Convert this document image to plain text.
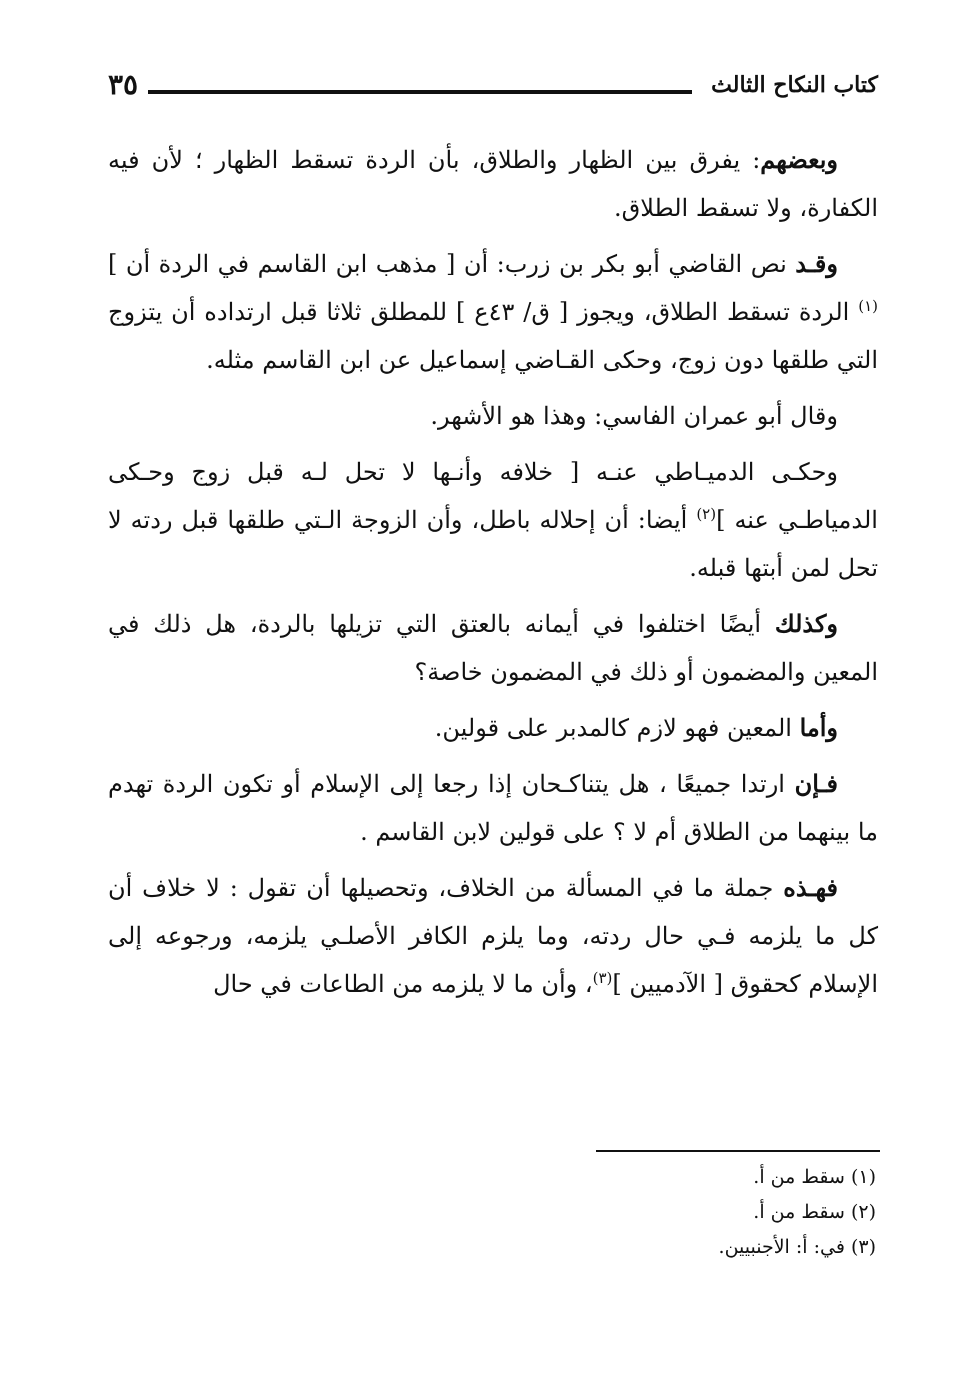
كتاب النكاح الثالث
٣٥

وبعضهم: يفرق بين الظهار والطلاق، بأن الردة تسقط الظهار ؛ لأن فيه الكفارة، ولا تسقط الطلاق.

وقـد نص القاضي أبو بكر بن زرب: أن [ مذهب ابن القاسم في الردة أن ]$^{(١)}$ الردة تسقط الطلاق، ويجوز [ ق/ ٤٣ع ] للمطلق ثلاثا قبل ارتداده أن يتزوج التي طلقها دون زوج، وحكى القـاضي إسماعيل عن ابن القاسم مثله.

وقال أبو عمران الفاسي: وهذا هو الأشهر.

وحكـى الدميـاطي عنـه [ خلافه وأنـها لا تحل لـه قبل زوج وحـكى الدمياطـي عنه ]$^{(٢)}$ أيضا: أن إحلاله باطل، وأن الزوجة الـتي طلقها قبل ردته لا تحل لمن أبتها قبله.

وكذلك أيضًا اختلفوا في أيمانه بالعتق التي تزيلها بالردة، هل ذلك في المعين والمضمون أو ذلك في المضمون خاصة؟

وأما المعين فهو لازم كالمدبر على قولين.

فـإن ارتدا جميعًا ، هل يتناكـحان إذا رجعا إلى الإسلام أو تكون الردة تهدم ما بينهما من الطلاق أم لا ؟ على قولين لابن القاسم .

فهـذه جملة ما في المسألة من الخلاف، وتحصيلها أن تقول : لا خلاف أن كل ما يلزمه فـي حال ردته، وما يلزم الكافر الأصلـي يلزمه، ورجوعه إلى الإسلام كحقوق [ الآدميين ]$^{(٣)}$، وأن ما لا يلزمه من الطاعات في حال

(١) سقط من أ.

(٢) سقط من أ.

(٣) في: أ: الأجنبيين.
